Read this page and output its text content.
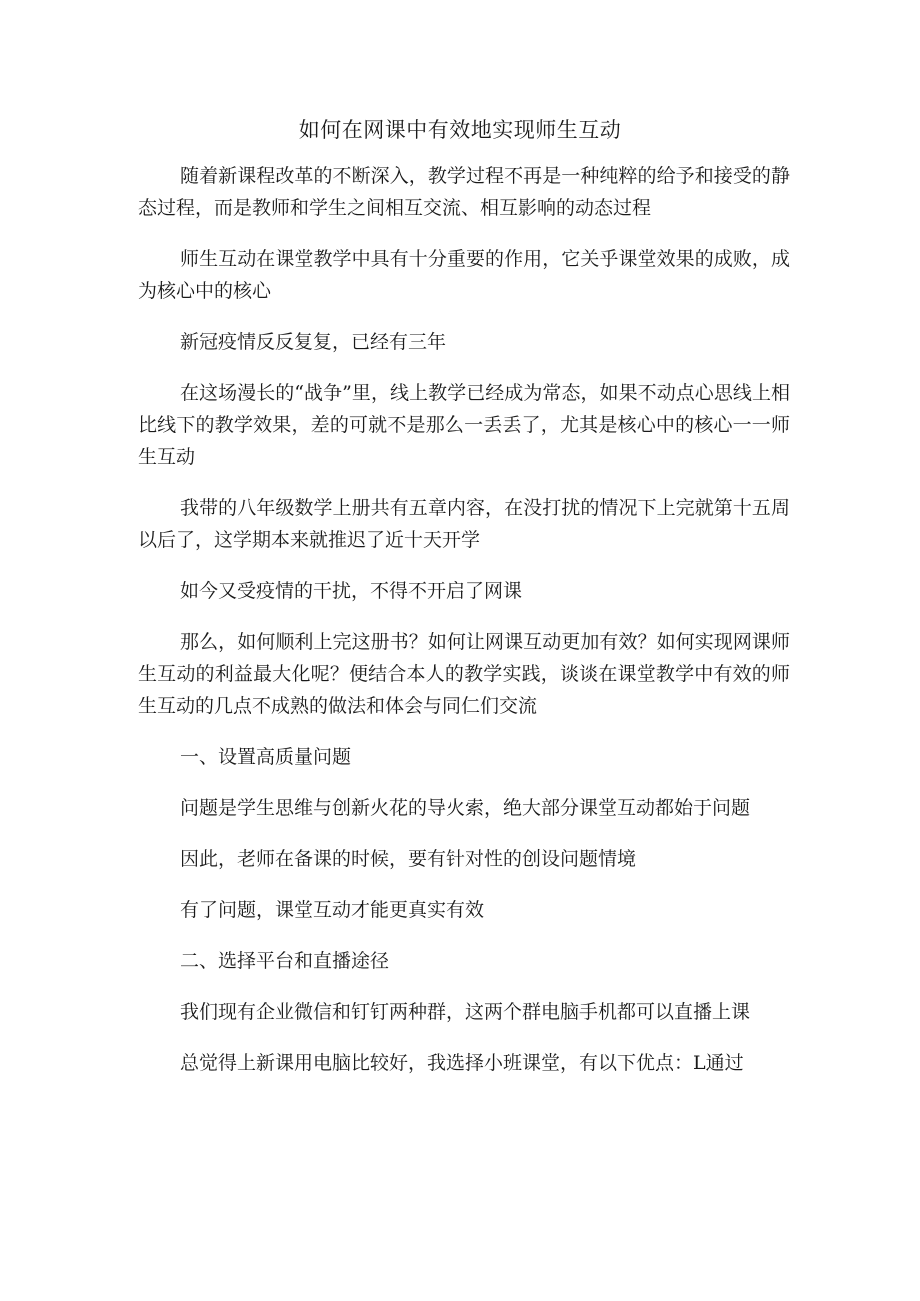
如何在网课中有效地实现师生互动

随着新课程改革的不断深入，教学过程不再是一种纯粹的给予和接受的静态过程，而是教师和学生之间相互交流、相互影响的动态过程

师生互动在课堂教学中具有十分重要的作用，它关乎课堂效果的成败，成为核心中的核心

新冠疫情反反复复，已经有三年

在这场漫长的“战争”里，线上教学已经成为常态，如果不动点心思线上相比线下的教学效果，差的可就不是那么一丢丢了，尤其是核心中的核心一一师生互动

我带的八年级数学上册共有五章内容，在没打扰的情况下上完就第十五周以后了，这学期本来就推迟了近十天开学

如今又受疫情的干扰，不得不开启了网课

那么，如何顺利上完这册书？如何让网课互动更加有效？如何实现网课师生互动的利益最大化呢？便结合本人的教学实践，谈谈在课堂教学中有效的师生互动的几点不成熟的做法和体会与同仁们交流

一、设置高质量问题

问题是学生思维与创新火花的导火索，绝大部分课堂互动都始于问题

因此，老师在备课的时候，要有针对性的创设问题情境

有了问题，课堂互动才能更真实有效

二、选择平台和直播途径

我们现有企业微信和钉钉两种群，这两个群电脑手机都可以直播上课

总觉得上新课用电脑比较好，我选择小班课堂，有以下优点：L通过
